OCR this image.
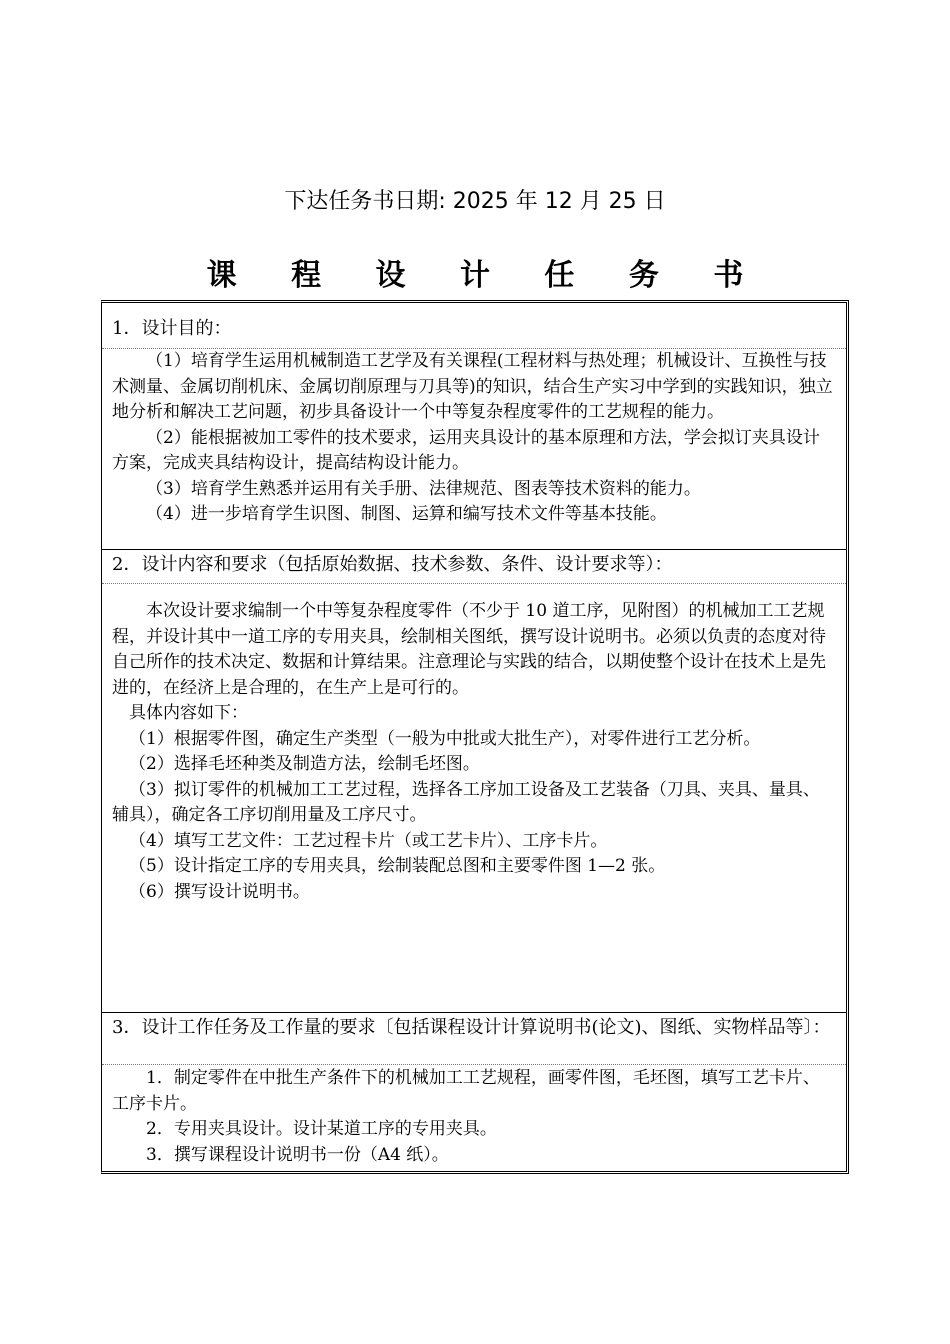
下达任务书日期: 2025 年 12 月 25 日
课 程 设 计 任 务 书
1．设计目的：

（1）培育学生运用机械制造工艺学及有关课程(工程材料与热处理；机械设计、互换性与技术测量、金属切削机床、金属切削原理与刀具等)的知识，结合生产实习中学到的实践知识，独立地分析和解决工艺问题，初步具备设计一个中等复杂程度零件的工艺规程的能力。

（2）能根据被加工零件的技术要求，运用夹具设计的基本原理和方法，学会拟订夹具设计方案，完成夹具结构设计，提高结构设计能力。

（3）培育学生熟悉并运用有关手册、法律规范、图表等技术资料的能力。

（4）进一步培育学生识图、制图、运算和编写技术文件等基本技能。

2．设计内容和要求（包括原始数据、技术参数、条件、设计要求等）：

本次设计要求编制一个中等复杂程度零件（不少于 10 道工序，见附图）的机械加工工艺规程，并设计其中一道工序的专用夹具，绘制相关图纸，撰写设计说明书。必须以负责的态度对待自己所作的技术决定、数据和计算结果。注意理论与实践的结合，以期使整个设计在技术上是先进的，在经济上是合理的，在生产上是可行的。

具体内容如下：

（1）根据零件图，确定生产类型（一般为中批或大批生产），对零件进行工艺分析。

（2）选择毛坯种类及制造方法，绘制毛坯图。

（3）拟订零件的机械加工工艺过程，选择各工序加工设备及工艺装备（刀具、夹具、量具、辅具），确定各工序切削用量及工序尺寸。

（4）填写工艺文件：工艺过程卡片（或工艺卡片）、工序卡片。

（5）设计指定工序的专用夹具，绘制装配总图和主要零件图 1—2 张。

（6）撰写设计说明书。

3．设计工作任务及工作量的要求〔包括课程设计计算说明书(论文)、图纸、实物样品等〕：

1．制定零件在中批生产条件下的机械加工工艺规程，画零件图，毛坯图，填写工艺卡片、工序卡片。

2．专用夹具设计。设计某道工序的专用夹具。

3．撰写课程设计说明书一份（A4 纸）。
